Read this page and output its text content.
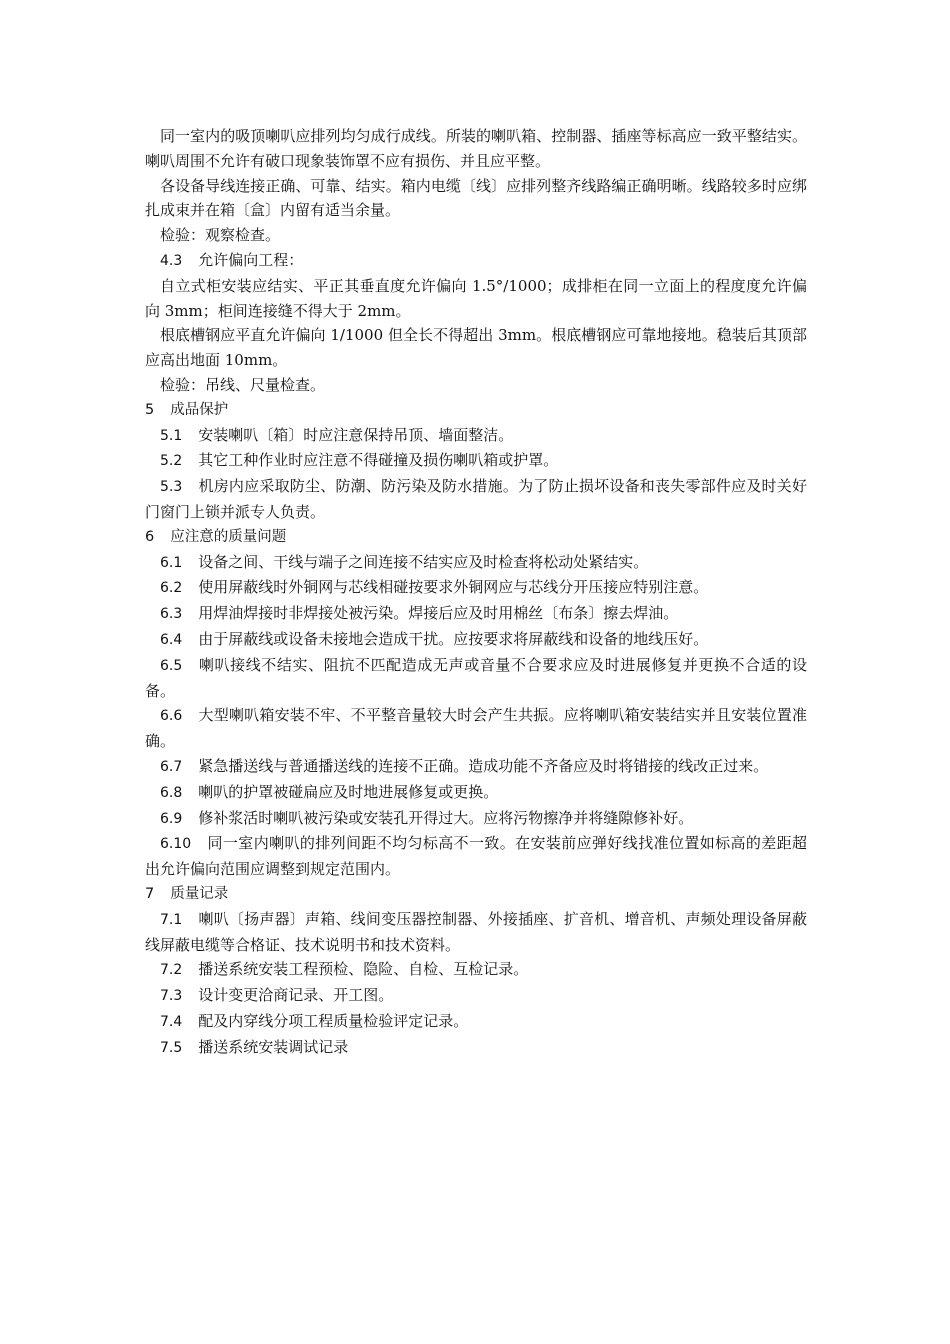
同一室内的吸顶喇叭应排列均匀成行成线。所装的喇叭箱、控制器、插座等标高应一致平整结实。喇叭周围不允许有破口现象装饰罩不应有损伤、并且应平整。

各设备导线连接正确、可靠、结实。箱内电缆〔线〕应排列整齐线路编正确明晰。线路较多时应绑扎成束并在箱〔盒〕内留有适当余量。

检验：观察检查。

4.3 允许偏向工程：

自立式柜安装应结实、平正其垂直度允许偏向 1.5°/1000；成排柜在同一立面上的程度度允许偏向 3mm；柜间连接缝不得大于 2mm。

根底槽钢应平直允许偏向 1/1000 但全长不得超出 3mm。根底槽钢应可靠地接地。稳装后其顶部应高出地面 10mm。

检验：吊线、尺量检查。

5 成品保护

5.1 安装喇叭〔箱〕时应注意保持吊顶、墙面整洁。

5.2 其它工种作业时应注意不得碰撞及损伤喇叭箱或护罩。

5.3 机房内应采取防尘、防潮、防污染及防水措施。为了防止损坏设备和丧失零部件应及时关好门窗门上锁并派专人负责。

6 应注意的质量问题

6.1 设备之间、干线与端子之间连接不结实应及时检查将松动处紧结实。

6.2 使用屏蔽线时外铜网与芯线相碰按要求外铜网应与芯线分开压接应特别注意。

6.3 用焊油焊接时非焊接处被污染。焊接后应及时用棉丝〔布条〕擦去焊油。

6.4 由于屏蔽线或设备未接地会造成干扰。应按要求将屏蔽线和设备的地线压好。

6.5 喇叭接线不结实、阻抗不匹配造成无声或音量不合要求应及时进展修复并更换不合适的设备。

6.6 大型喇叭箱安装不牢、不平整音量较大时会产生共振。应将喇叭箱安装结实并且安装位置准确。

6.7 紧急播送线与普通播送线的连接不正确。造成功能不齐备应及时将错接的线改正过来。

6.8 喇叭的护罩被碰扁应及时地进展修复或更换。

6.9 修补浆活时喇叭被污染或安装孔开得过大。应将污物擦净并将缝隙修补好。

6.10 同一室内喇叭的排列间距不均匀标高不一致。在安装前应弹好线找准位置如标高的差距超出允许偏向范围应调整到规定范围内。

7 质量记录

7.1 喇叭〔扬声器〕声箱、线间变压器控制器、外接插座、扩音机、增音机、声频处理设备屏蔽线屏蔽电缆等合格证、技术说明书和技术资料。

7.2 播送系统安装工程预检、隐险、自检、互检记录。

7.3 设计变更洽商记录、开工图。

7.4 配及内穿线分项工程质量检验评定记录。

7.5 播送系统安装调试记录
